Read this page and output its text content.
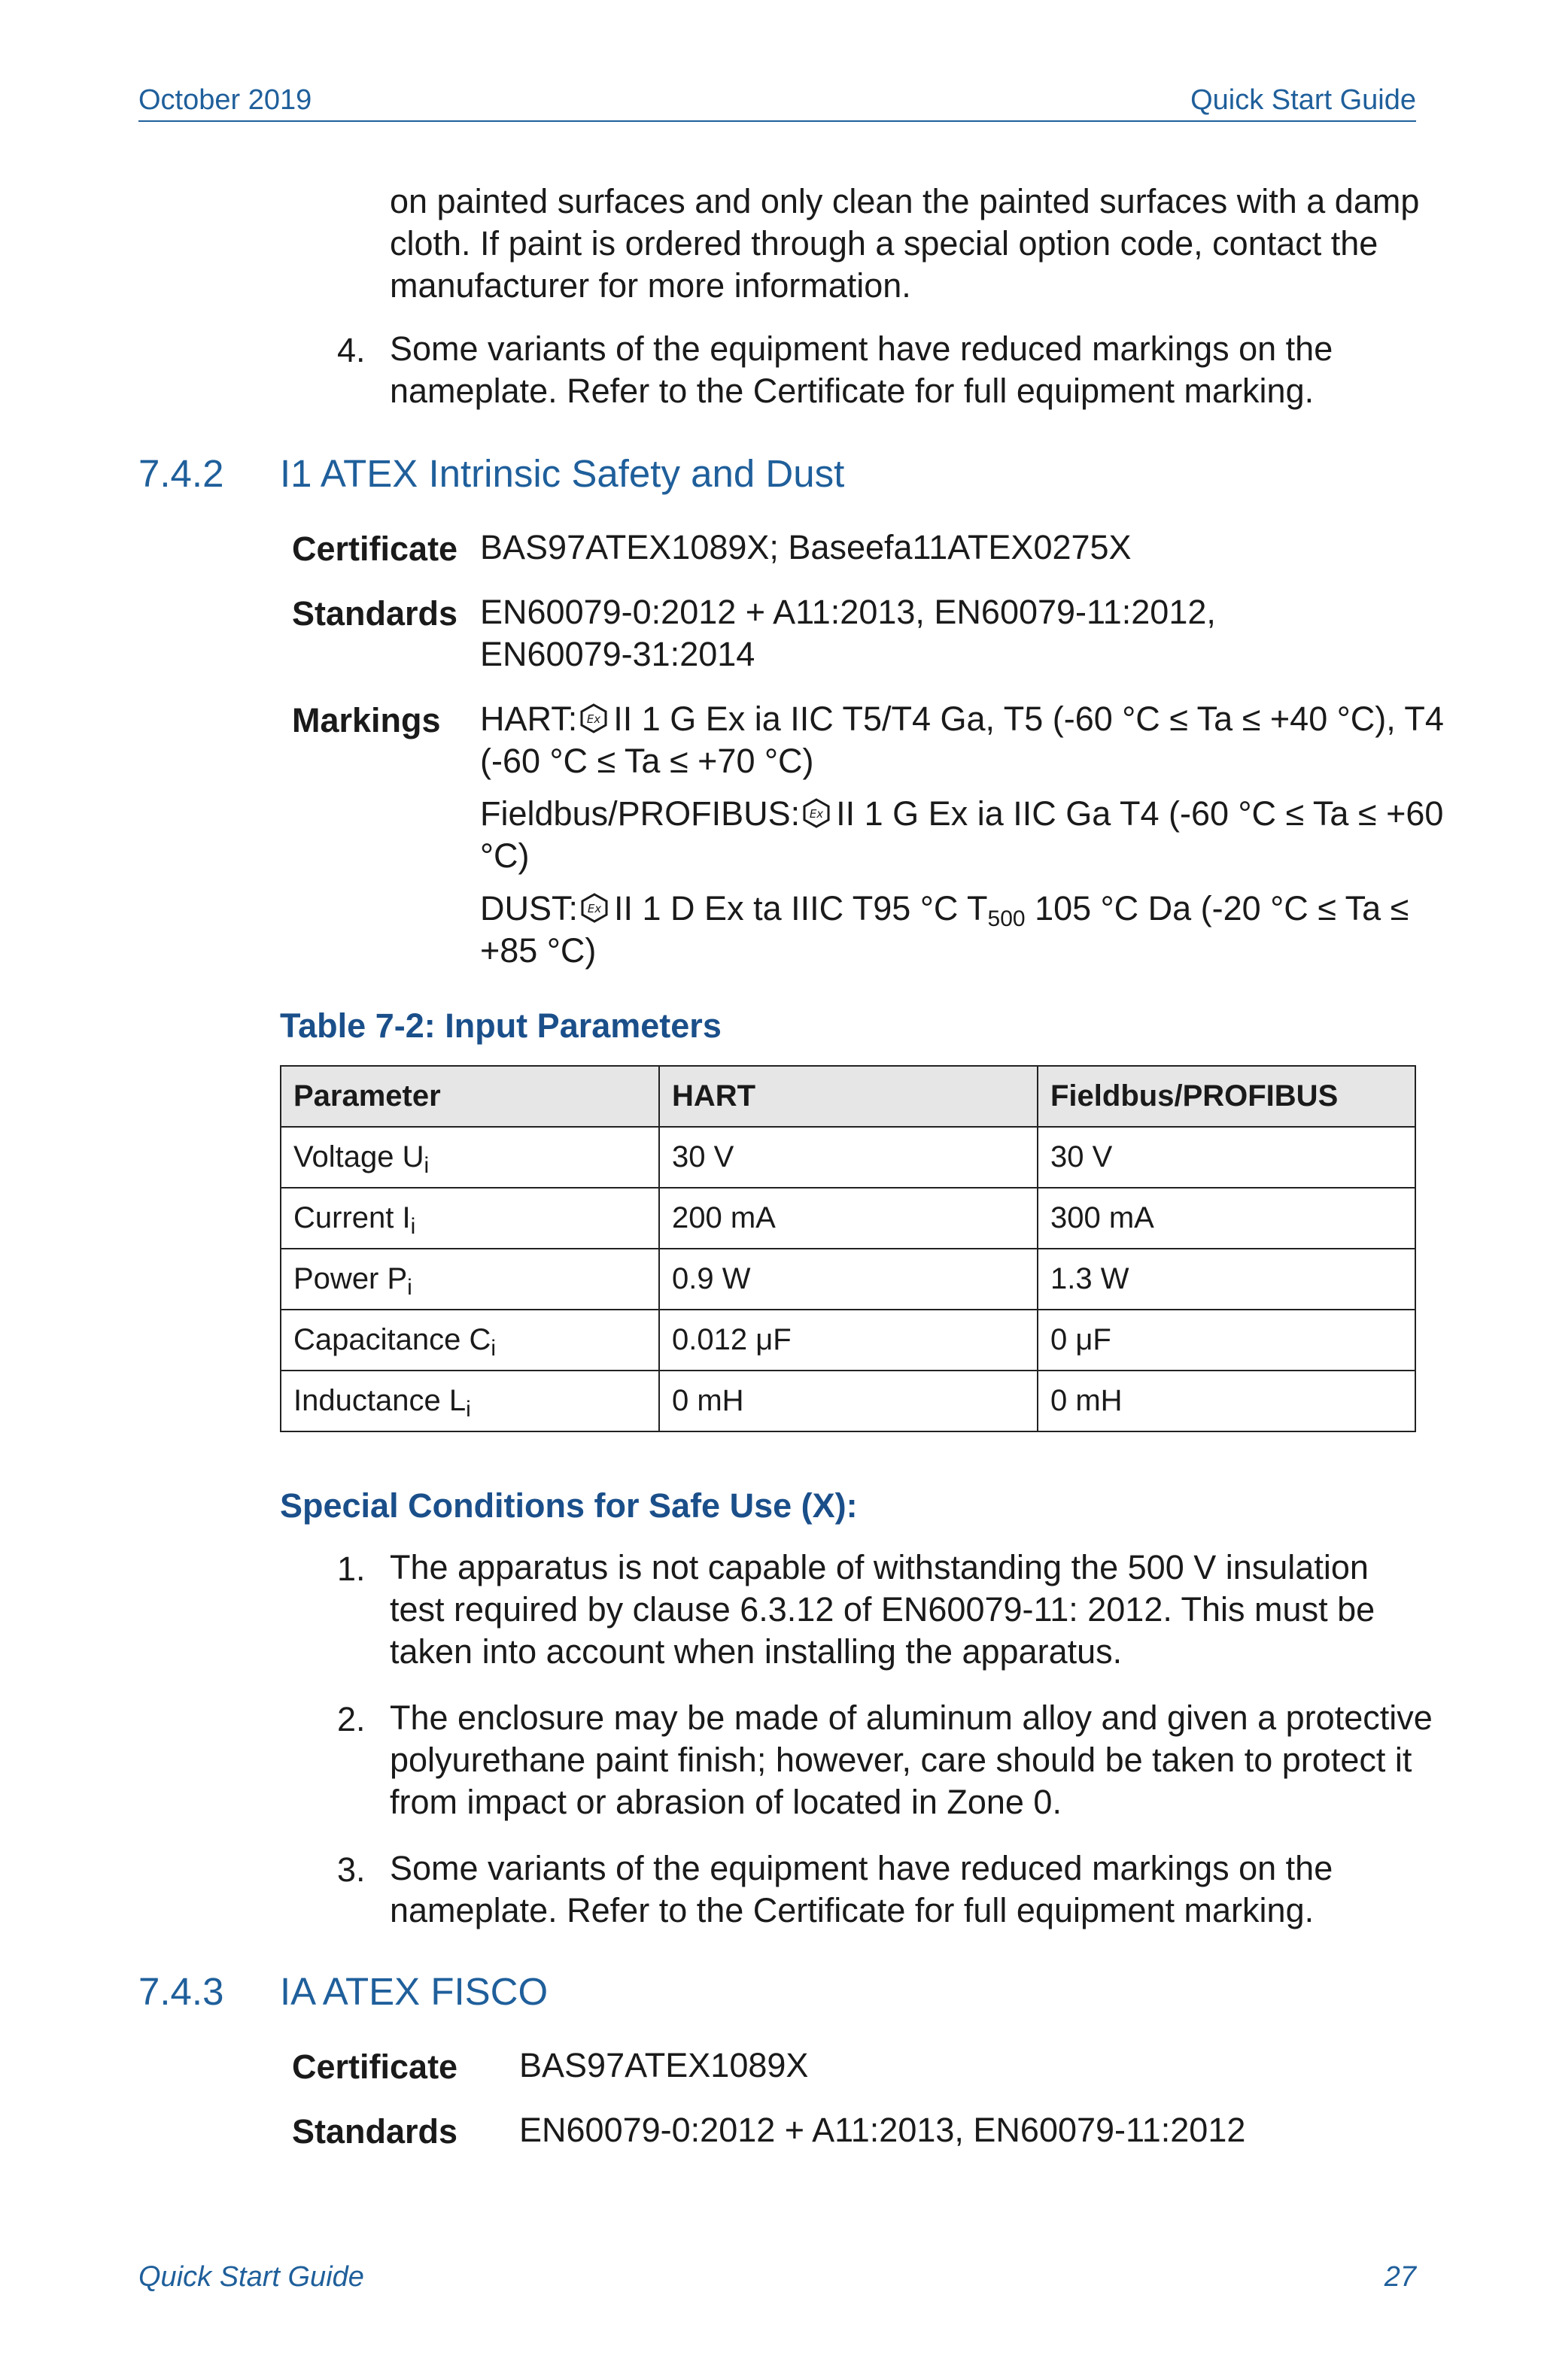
October 2019	Quick Start Guide
on painted surfaces and only clean the painted surfaces with a damp
cloth. If paint is ordered through a special option code, contact the
manufacturer for more information.
4. Some variants of the equipment have reduced markings on the
nameplate. Refer to the Certificate for full equipment marking.
7.4.2 I1 ATEX Intrinsic Safety and Dust
Certificate BAS97ATEX1089X; Baseefa11ATEX0275X
Standards EN60079-0:2012 + A11:2013, EN60079-11:2012,
EN60079-31:2014
Markings HART: Ex II 1 G Ex ia IIC T5/T4 Ga, T5 (-60 °C ≤ Ta ≤ +40 °C), T4
(-60 °C ≤ Ta ≤ +70 °C)
Fieldbus/PROFIBUS: Ex II 1 G Ex ia IIC Ga T4 (-60 °C ≤ Ta ≤ +60
°C)
DUST: Ex II 1 D Ex ta IIIC T95 °C $T_{500}$ 105 °C Da (-20 °C ≤ Ta ≤
+85 °C)
Table 7-2: Input Parameters
Parameter	HART	Fieldbus/PROFIBUS
Voltage $U_i$	30 V	30 V
Current $I_i$	200 mA	300 mA
Power $P_i$	0.9 W	1.3 W
Capacitance $C_i$	0.012 μF	0 μF
Inductance $L_i$	0 mH	0 mH
Special Conditions for Safe Use (X):
1. The apparatus is not capable of withstanding the 500 V insulation
test required by clause 6.3.12 of EN60079-11: 2012. This must be
taken into account when installing the apparatus.
2. The enclosure may be made of aluminum alloy and given a protective
polyurethane paint finish; however, care should be taken to protect it
from impact or abrasion of located in Zone 0.
3. Some variants of the equipment have reduced markings on the
nameplate. Refer to the Certificate for full equipment marking.
7.4.3 IA ATEX FISCO
Certificate BAS97ATEX1089X
Standards EN60079-0:2012 + A11:2013, EN60079-11:2012
Quick Start Guide	27
